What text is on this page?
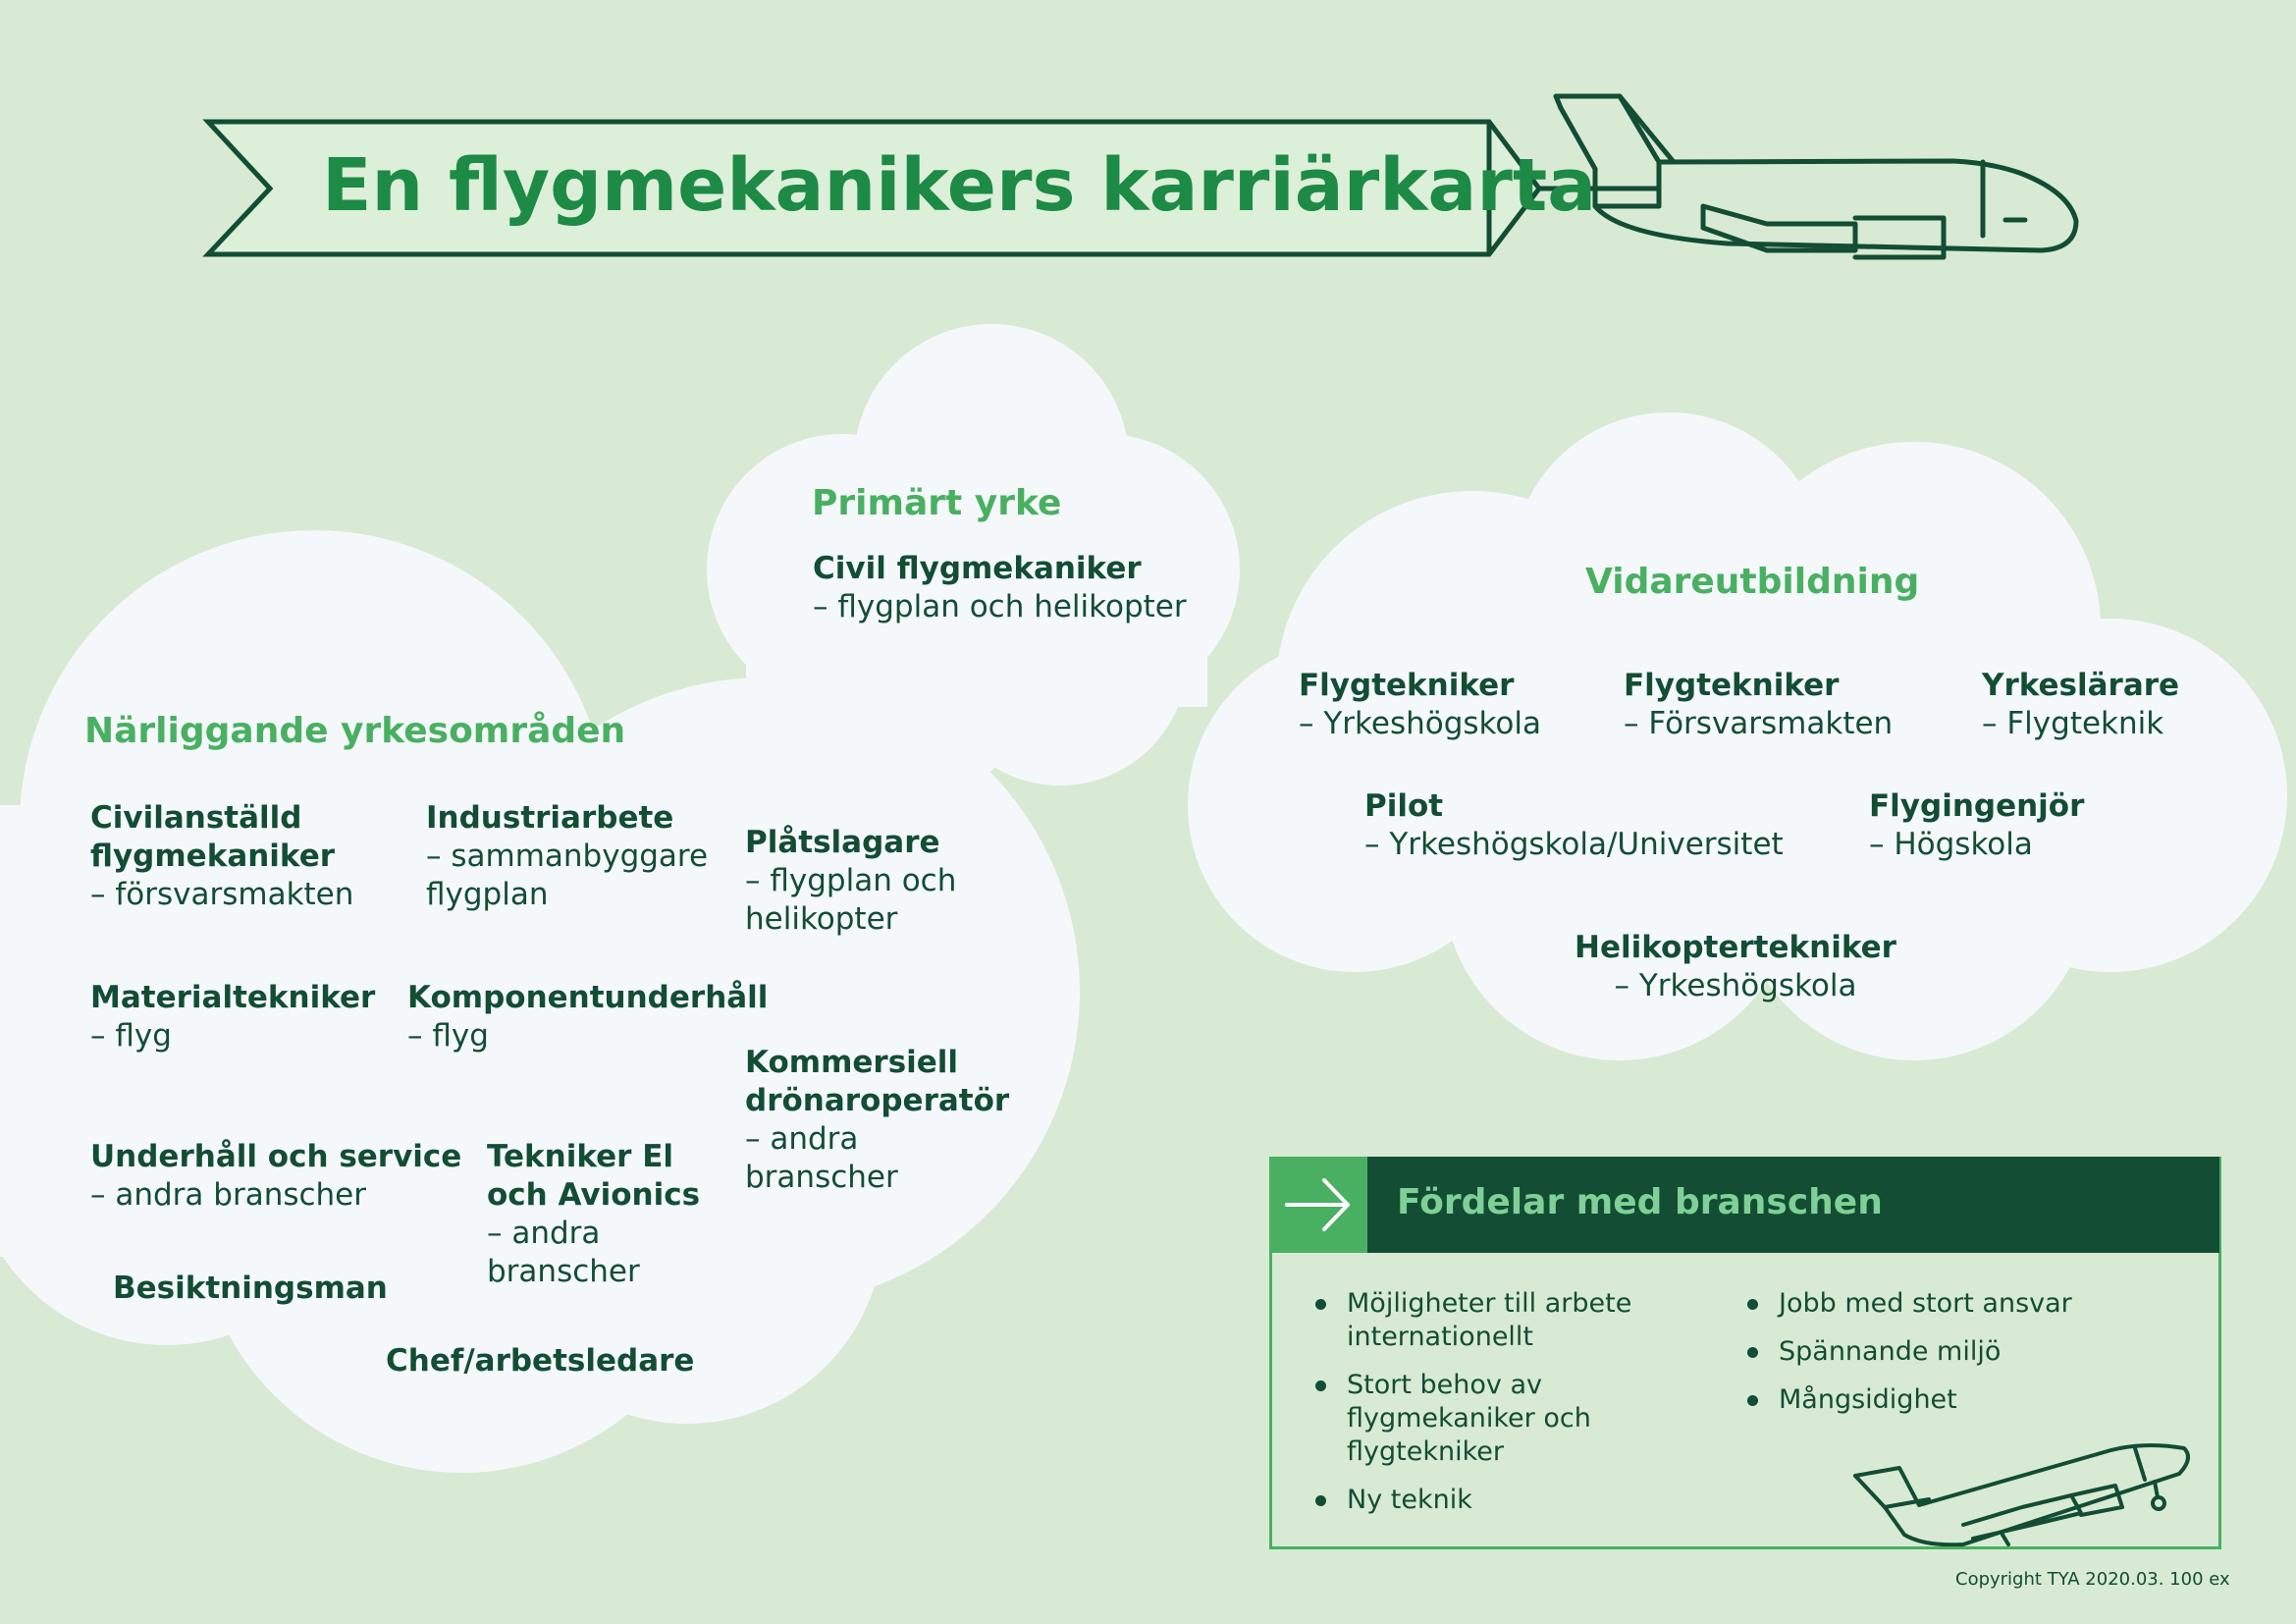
En flygmekanikers karriärkarta
Primärt yrke
Civil flygmekaniker
– flygplan och helikopter
Vidareutbildning
Flygtekniker
– Yrkeshögskola
Flygtekniker
– Försvarsmakten
Yrkeslärare
– Flygteknik
Pilot
– Yrkeshögskola/Universitet
Flygingenjör
– Högskola
Helikoptertekniker
– Yrkeshögskola
Närliggande yrkesområden
Civilanställd flygmekaniker
– försvarsmakten
Industriarbete
– sammanbyggare flygplan
Plåtslagare
– flygplan och helikopter
Materialtekniker
– flyg
Komponentunderhåll
– flyg
Kommersiell drönaroperatör
– andra branscher
Underhåll och service
– andra branscher
Tekniker El och Avionics
– andra branscher
Besiktningsman
Chef/arbetsledare
Fördelar med branschen
Möjligheter till arbete internationellt
Stort behov av flygmekaniker och flygtekniker
Ny teknik
Jobb med stort ansvar
Spännande miljö
Mångsidighet
Copyright TYA 2020.03. 100 ex
